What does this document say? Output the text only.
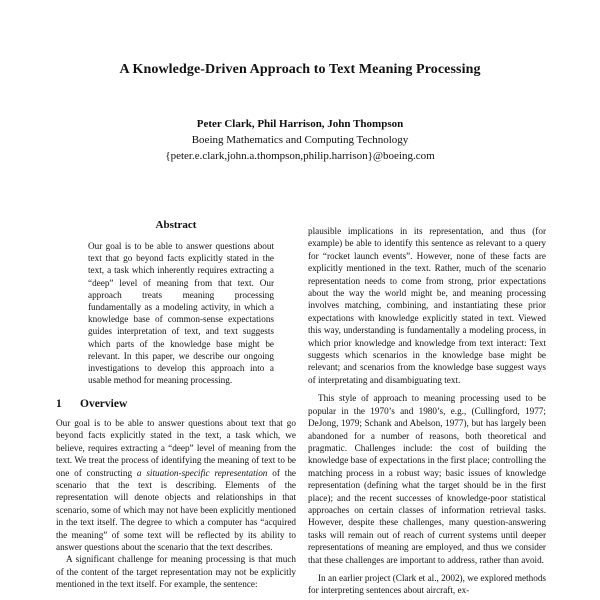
A Knowledge-Driven Approach to Text Meaning Processing
Peter Clark, Phil Harrison, John Thompson
Boeing Mathematics and Computing Technology
{peter.e.clark,john.a.thompson,philip.harrison}@boeing.com
Abstract
Our goal is to be able to answer questions about text that go beyond facts explicitly stated in the text, a task which inherently requires extracting a “deep” level of meaning from that text. Our approach treats meaning processing fundamentally as a modeling activity, in which a knowledge base of common-sense expectations guides interpretation of text, and text suggests which parts of the knowledge base might be relevant. In this paper, we describe our ongoing investigations to develop this approach into a usable method for meaning processing.
1 Overview

Our goal is to be able to answer questions about text that go beyond facts explicitly stated in the text, a task which, we believe, requires extracting a “deep” level of meaning from the text. We treat the process of identifying the meaning of text to be one of constructing a situation-specific representation of the scenario that the text is describing. Elements of the representation will denote objects and relationships in that scenario, some of which may not have been explicitly mentioned in the text itself. The degree to which a computer has “acquired the meaning” of some text will be reflected by its ability to answer questions about the scenario that the text describes.

A significant challenge for meaning processing is that much of the content of the target representation may not be explicitly mentioned in the text itself. For example, the sentence:

plausible implications in its representation, and thus (for example) be able to identify this sentence as relevant to a query for “rocket launch events”. However, none of these facts are explicitly mentioned in the text. Rather, much of the scenario representation needs to come from strong, prior expectations about the way the world might be, and meaning processing involves matching, combining, and instantiating these prior expectations with knowledge explicitly stated in text. Viewed this way, understanding is fundamentally a modeling process, in which prior knowledge and knowledge from text interact: Text suggests which scenarios in the knowledge base might be relevant; and scenarios from the knowledge base suggest ways of interpretating and disambiguating text.

This style of approach to meaning processing used to be popular in the 1970’s and 1980’s, e.g., (Cullingford, 1977; DeJong, 1979; Schank and Abelson, 1977), but has largely been abandoned for a number of reasons, both theoretical and pragmatic. Challenges include: the cost of building the knowledge base of expectations in the first place; controlling the matching process in a robust way; basic issues of knowledge representation (defining what the target should be in the first place); and the recent successes of knowledge-poor statistical approaches on certain classes of information retrieval tasks. However, despite these challenges, many question-answering tasks will remain out of reach of current systems until deeper representations of meaning are employed, and thus we consider that these challenges are important to address, rather than avoid.

In an earlier project (Clark et al., 2002), we explored methods for interpreting sentences about aircraft, ex-
